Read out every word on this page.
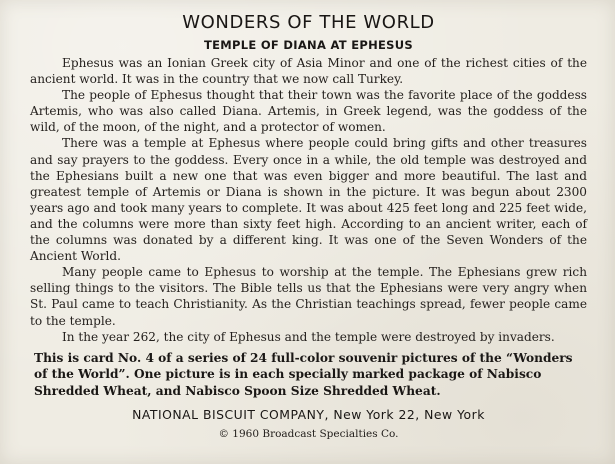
WONDERS OF THE WORLD
TEMPLE OF DIANA AT EPHESUS

Ephesus was an Ionian Greek city of Asia Minor and one of the richest cities of the ancient world. It was in the country that we now call Turkey.

The people of Ephesus thought that their town was the favorite place of the goddess Artemis, who was also called Diana. Artemis, in Greek legend, was the goddess of the wild, of the moon, of the night, and a protector of women.

There was a temple at Ephesus where people could bring gifts and other treasures and say prayers to the goddess. Every once in a while, the old temple was destroyed and the Ephesians built a new one that was even bigger and more beautiful. The last and greatest temple of Artemis or Diana is shown in the picture. It was begun about 2300 years ago and took many years to complete. It was about 425 feet long and 225 feet wide, and the columns were more than sixty feet high. According to an ancient writer, each of the columns was donated by a different king. It was one of the Seven Wonders of the Ancient World.

Many people came to Ephesus to worship at the temple. The Ephesians grew rich selling things to the visitors. The Bible tells us that the Ephesians were very angry when St. Paul came to teach Christianity. As the Christian teachings spread, fewer people came to the temple.

In the year 262, the city of Ephesus and the temple were destroyed by invaders.

This is card No. 4 of a series of 24 full-color souvenir pictures of the “Wonders of the World”. One picture is in each specially marked package of Nabisco Shredded Wheat, and Nabisco Spoon Size Shredded Wheat.

NATIONAL BISCUIT COMPANY, New York 22, New York

© 1960 Broadcast Specialties Co.
